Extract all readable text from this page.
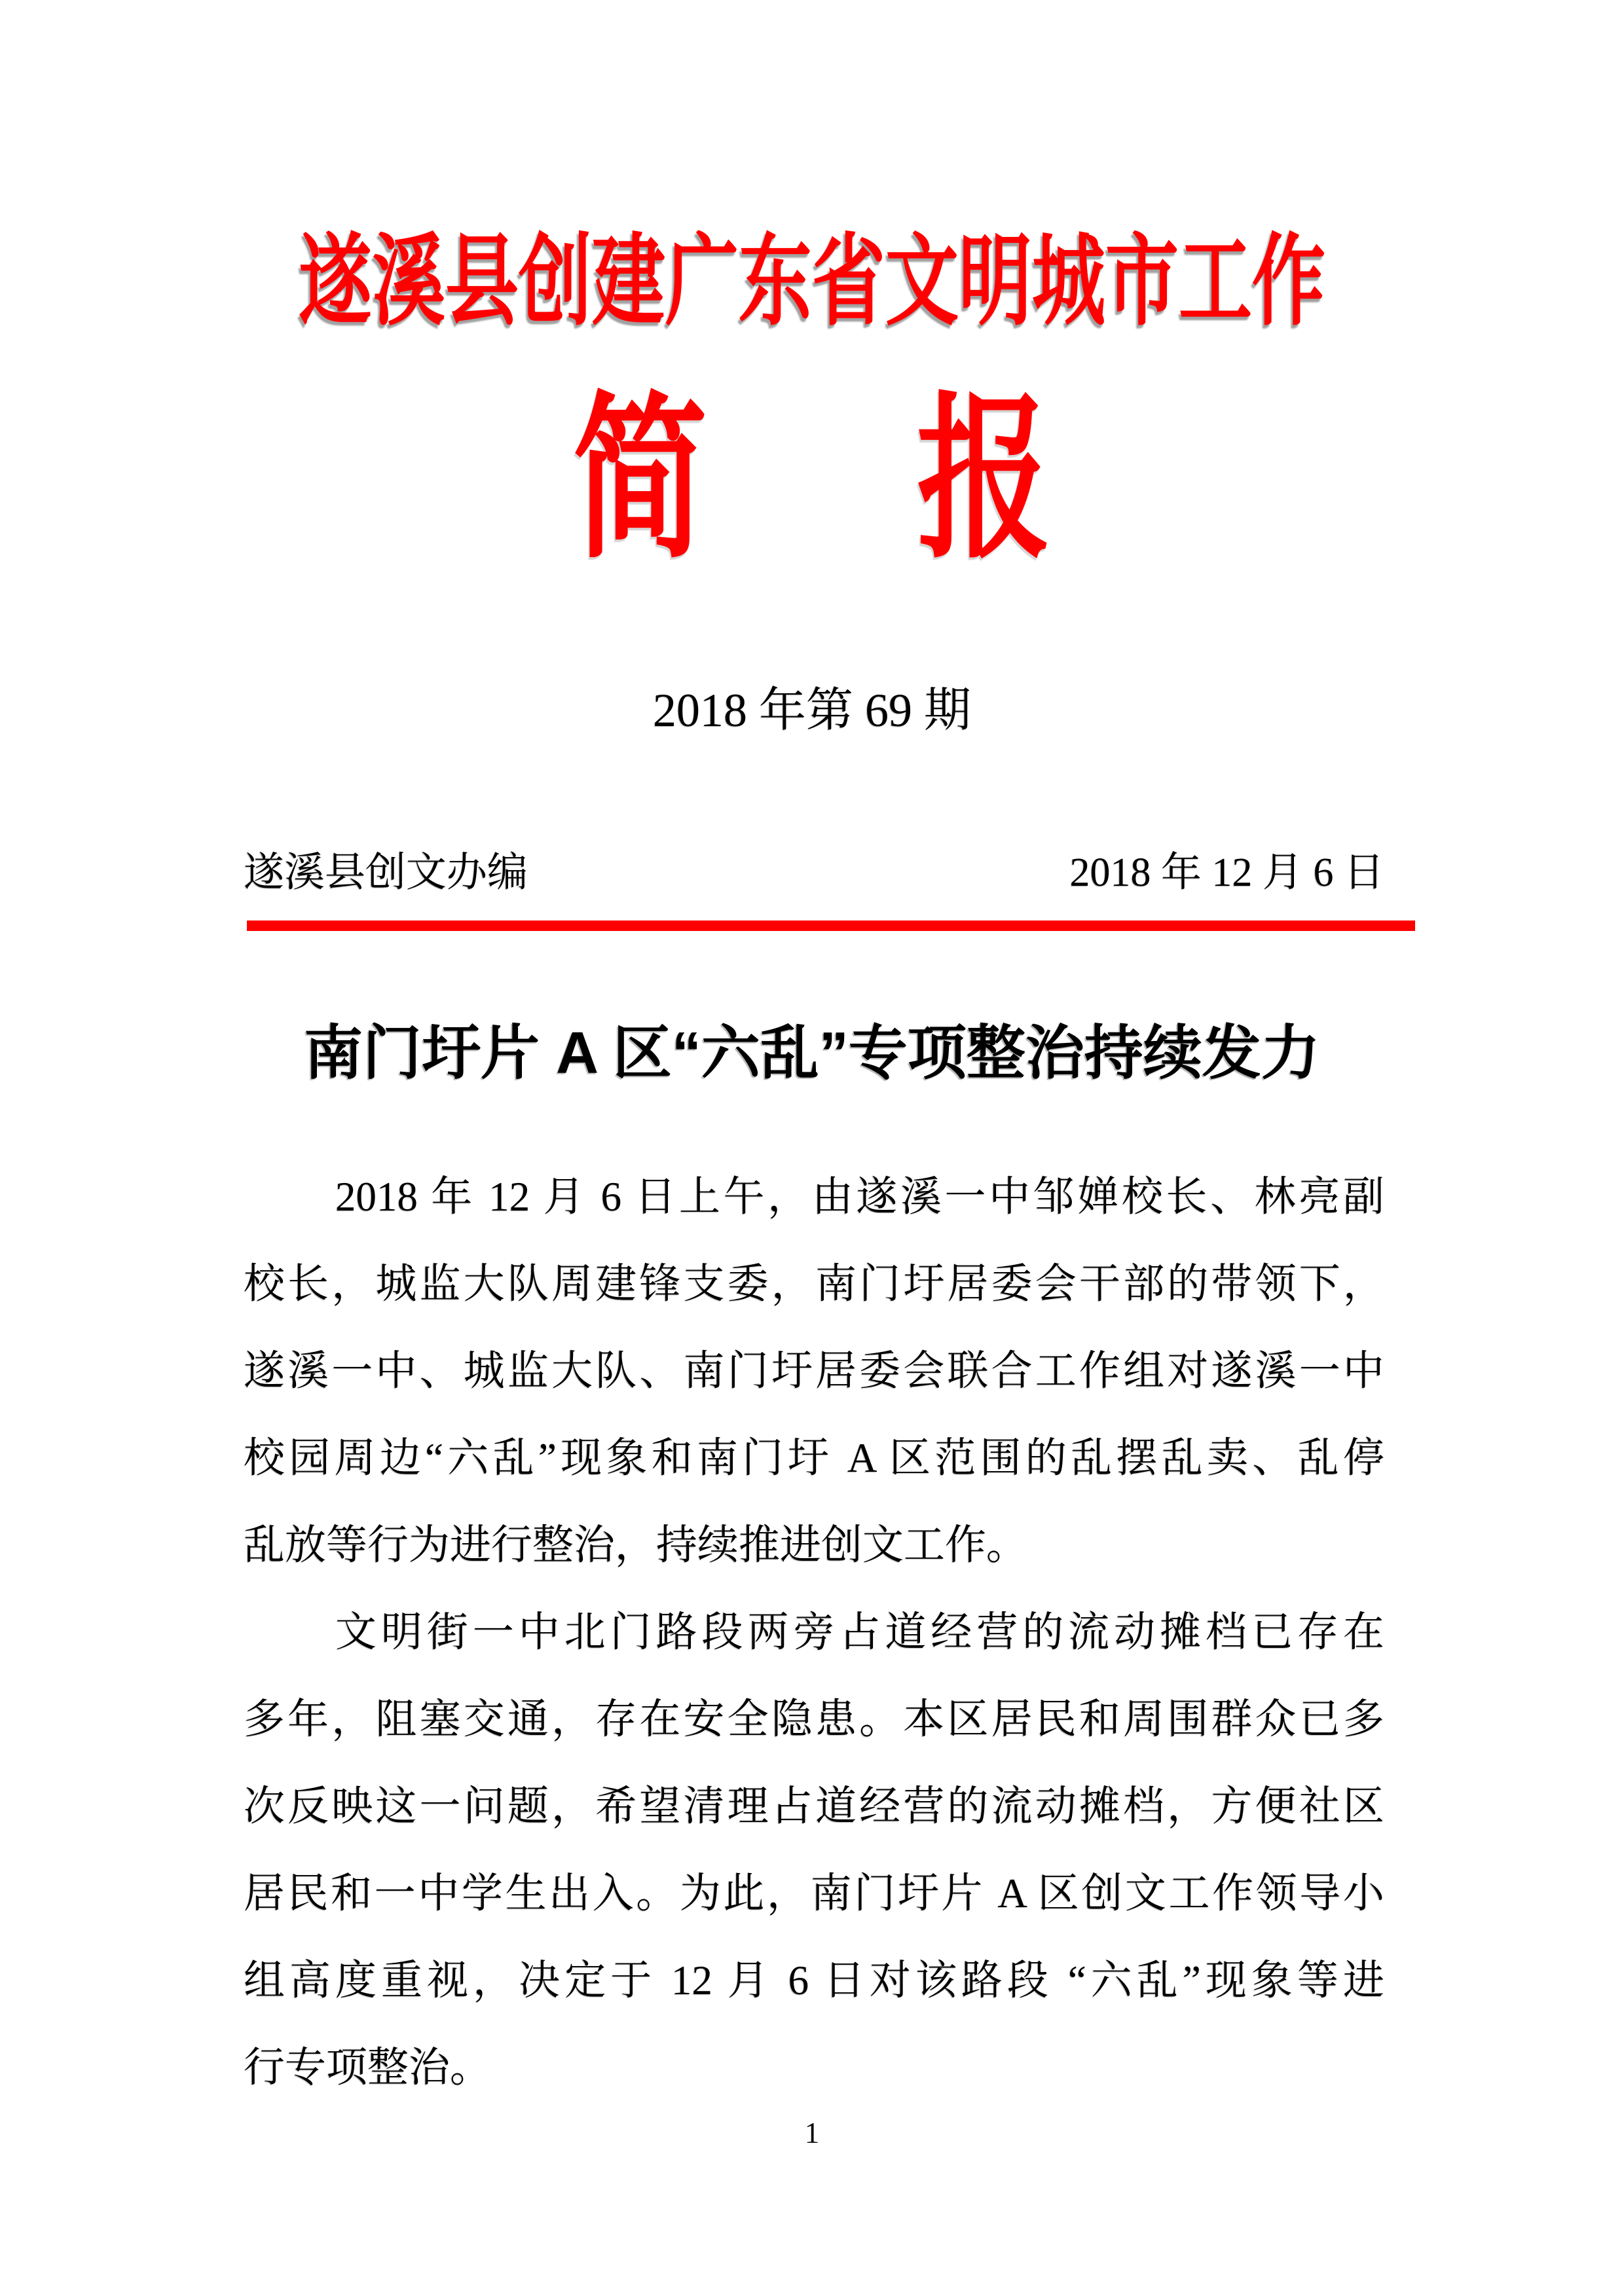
遂溪县创建广东省文明城市工作
简 报
2018 年第 69 期
遂溪县创文办编	2018 年 12 月 6 日
南门圩片 A 区“六乱”专项整治持续发力

2018 年 12 月 6 日上午，由遂溪一中邹婵校长、林亮副

校长，城监大队周建锋支委，南门圩居委会干部的带领下，

遂溪一中、城监大队、南门圩居委会联合工作组对遂溪一中

校园周边“六乱”现象和南门圩 A 区范围的乱摆乱卖、乱停

乱放等行为进行整治，持续推进创文工作。

文明街一中北门路段两旁占道经营的流动摊档已存在

多年，阻塞交通，存在安全隐患。本区居民和周围群众已多

次反映这一问题，希望清理占道经营的流动摊档，方便社区

居民和一中学生出入。为此，南门圩片 A 区创文工作领导小

组高度重视，决定于 12 月 6 日对该路段 “六乱”现象等进

行专项整治。

1
